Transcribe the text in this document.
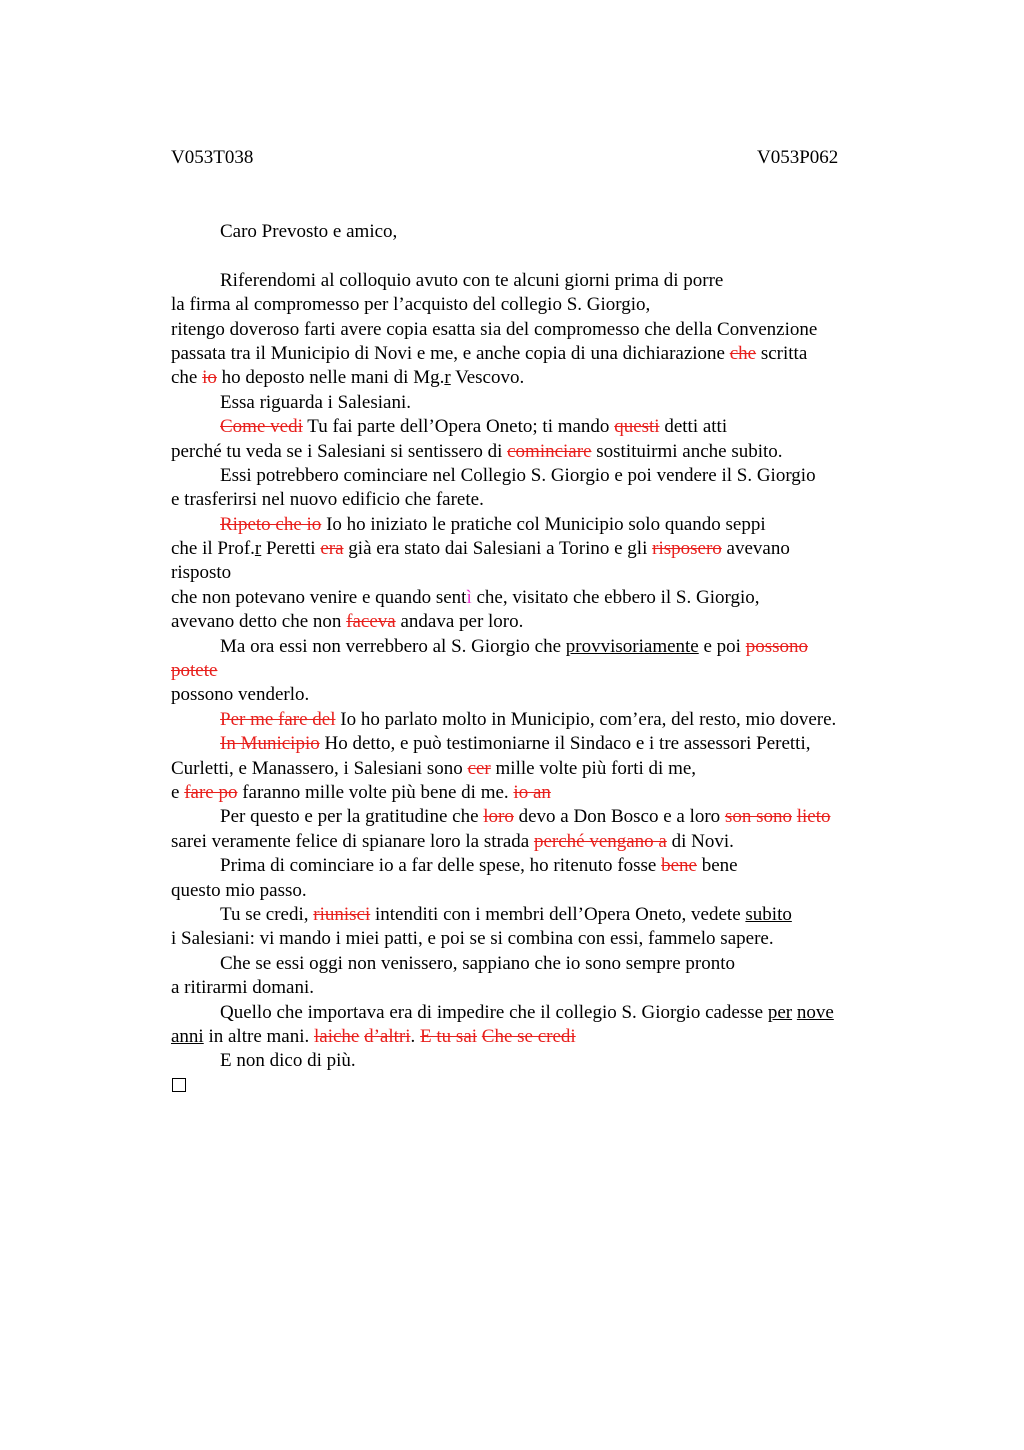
V053T038	V053P062
Caro Prevosto e amico,
Riferendomi al colloquio avuto con te alcuni giorni prima di porre
la firma al compromesso per l’acquisto del collegio S. Giorgio,
ritengo doveroso farti avere copia esatta sia del compromesso che della Convenzione
passata tra il Municipio di Novi e me, e anche copia di una dichiarazione che scritta
che io ho deposto nelle mani di Mg.r Vescovo.
Essa riguarda i Salesiani.
Come vedi Tu fai parte dell’Opera Oneto; ti mando questi detti atti
perché tu veda se i Salesiani si sentissero di cominciare sostituirmi anche subito.
Essi potrebbero cominciare nel Collegio S. Giorgio e poi vendere il S. Giorgio
e trasferirsi nel nuovo edificio che farete.
Ripeto che io Io ho iniziato le pratiche col Municipio solo quando seppi
che il Prof.r Peretti era già era stato dai Salesiani a Torino e gli risposero avevano
risposto
che non potevano venire e quando sentì che, visitato che ebbero il S. Giorgio,
avevano detto che non faceva andava per loro.
Ma ora essi non verrebbero al S. Giorgio che provvisoriamente e poi possono
potete
possono venderlo.
Per me fare del Io ho parlato molto in Municipio, com’era, del resto, mio dovere.
In Municipio Ho detto, e può testimoniarne il Sindaco e i tre assessori Peretti,
Curletti, e Manassero, i Salesiani sono cer mille volte più forti di me,
e fare po faranno mille volte più bene di me. io an
Per questo e per la gratitudine che loro devo a Don Bosco e a loro son sono lieto
sarei veramente felice di spianare loro la strada perché vengano a di Novi.
Prima di cominciare io a far delle spese, ho ritenuto fosse bene bene
questo mio passo.
Tu se credi, riunisci intenditi con i membri dell’Opera Oneto, vedete subito
i Salesiani: vi mando i miei patti, e poi se si combina con essi, fammelo sapere.
Che se essi oggi non venissero, sappiano che io sono sempre pronto
a ritirarmi domani.
Quello che importava era di impedire che il collegio S. Giorgio cadesse per nove
anni in altre mani. laiche d’altri. E tu sai Che se credi
E non dico di più.
